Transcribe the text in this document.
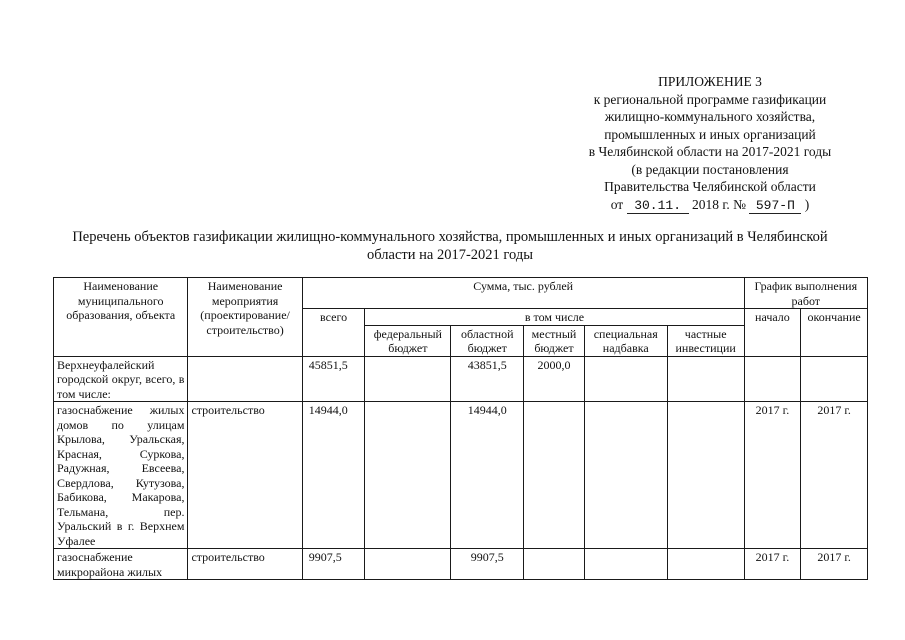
ПРИЛОЖЕНИЕ 3
к региональной программе газификации
жилищно-коммунального хозяйства,
промышленных и иных организаций
в Челябинской области на 2017-2021 годы
(в редакции постановления
Правительства Челябинской области
от 30.11. 2018 г. № 597-П )
Перечень объектов газификации жилищно-коммунального хозяйства, промышленных и иных организаций в Челябинской области на 2017-2021 годы
Наименование муниципального образования, объекта	Наименование мероприятия (проектирование/ строительство)	Сумма, тыс. рублей						График выполнения работ	
		всего	в том числе					начало	окончание
			федеральный бюджет	областной бюджет	местный бюджет	специальная надбавка	частные инвестиции		
Верхнеуфалейский городской округ, всего, в том числе:		45851,5		43851,5	2000,0				
газоснабжение жилых домов по улицам Крылова, Уральская, Красная, Суркова, Радужная, Евсеева, Свердлова, Кутузова, Бабикова, Макарова, Тельмана, пер. Уральский в г. Верхнем Уфалее	строительство	14944,0		14944,0				2017 г.	2017 г.
газоснабжение микрорайона жилых	строительство	9907,5		9907,5				2017 г.	2017 г.
